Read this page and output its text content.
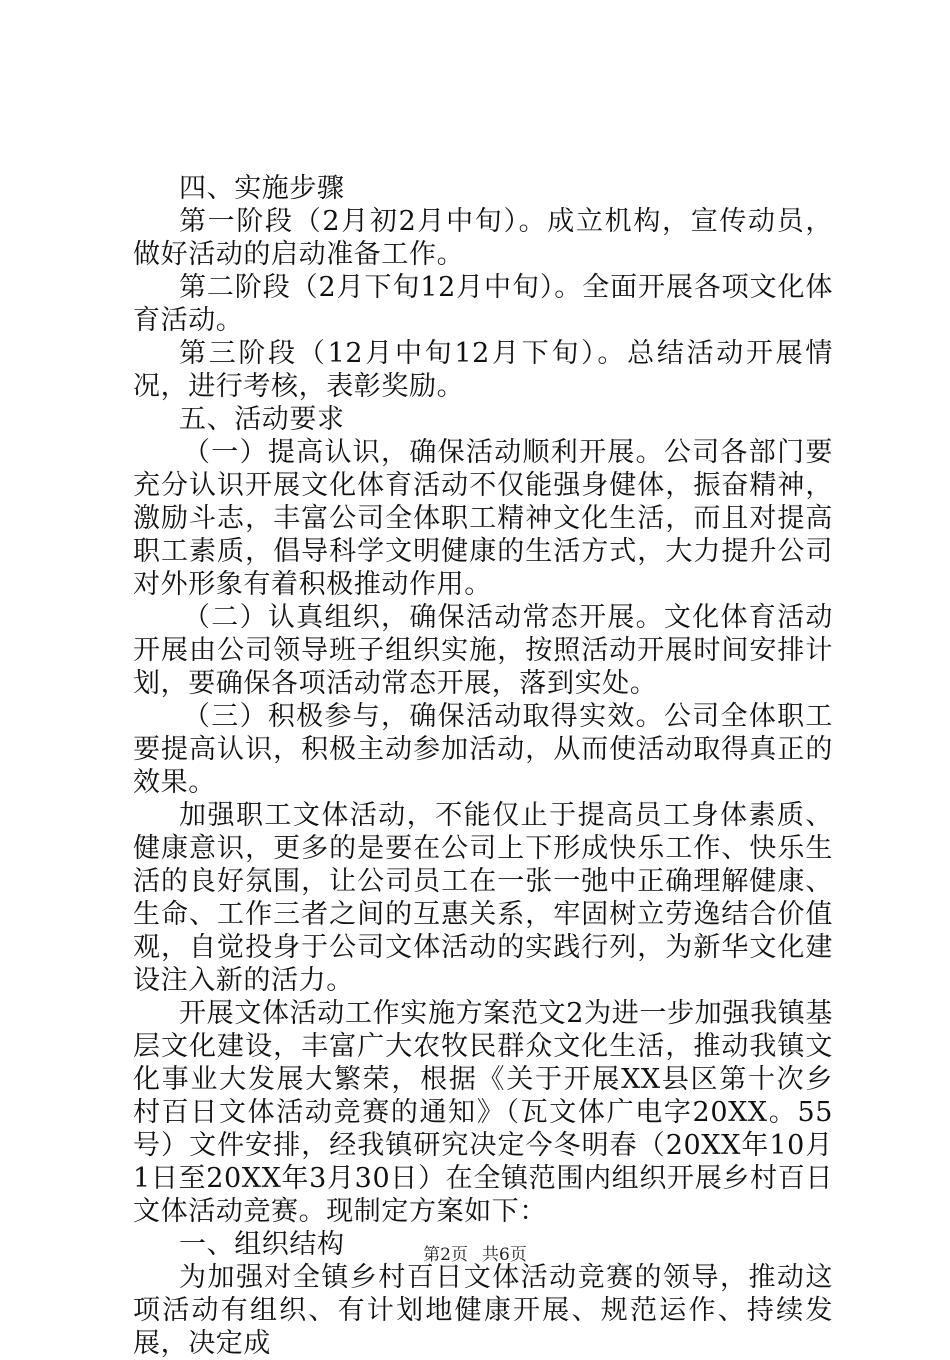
四、实施步骤

第一阶段（2月初2月中旬）。成立机构，宣传动员，做好活动的启动准备工作。

第二阶段（2月下旬12月中旬）。全面开展各项文化体育活动。

第三阶段（12月中旬12月下旬）。总结活动开展情况，进行考核，表彰奖励。

五、活动要求

（一）提高认识，确保活动顺利开展。公司各部门要充分认识开展文化体育活动不仅能强身健体，振奋精神，激励斗志，丰富公司全体职工精神文化生活，而且对提高职工素质，倡导科学文明健康的生活方式，大力提升公司对外形象有着积极推动作用。

（二）认真组织，确保活动常态开展。文化体育活动开展由公司领导班子组织实施，按照活动开展时间安排计划，要确保各项活动常态开展，落到实处。

（三）积极参与，确保活动取得实效。公司全体职工要提高认识，积极主动参加活动，从而使活动取得真正的效果。

加强职工文体活动，不能仅止于提高员工身体素质、健康意识，更多的是要在公司上下形成快乐工作、快乐生活的良好氛围，让公司员工在一张一弛中正确理解健康、生命、工作三者之间的互惠关系，牢固树立劳逸结合价值观，自觉投身于公司文体活动的实践行列，为新华文化建设注入新的活力。

开展文体活动工作实施方案范文2为进一步加强我镇基层文化建设，丰富广大农牧民群众文化生活，推动我镇文化事业大发展大繁荣，根据《关于开展XX县区第十次乡村百日文体活动竞赛的通知》（瓦文体广电字20XX。55号）文件安排，经我镇研究决定今冬明春（20XX年10月1日至20XX年3月30日）在全镇范围内组织开展乡村百日文体活动竞赛。现制定方案如下：

一、组织结构

为加强对全镇乡村百日文体活动竞赛的领导，推动这项活动有组织、有计划地健康开展、规范运作、持续发展，决定成

第2页 共6页
